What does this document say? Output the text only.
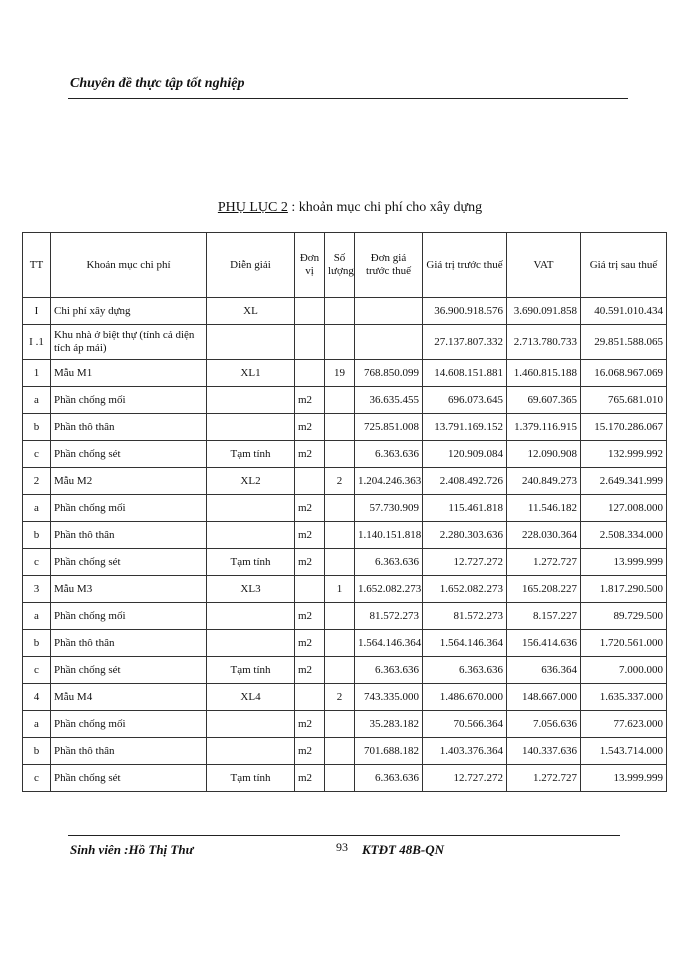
Chuyên đề thực tập tốt nghiệp
PHỤ LỤC 2 : khoản mục chi phí cho xây dựng
TT	Khoản mục chi phí	Diễn giải	Đơn vị	Số lượng	Đơn giá trước thuế	Giá trị trước thuế	VAT	Giá trị sau thuế
I	Chi phí xây dựng	XL				36.900.918.576	3.690.091.858	40.591.010.434
I .1	Khu nhà ở biệt thự (tính cả diện tích áp mái)					27.137.807.332	2.713.780.733	29.851.588.065
1	Mẫu M1	XL1		19	768.850.099	14.608.151.881	1.460.815.188	16.068.967.069
a	Phần chống mối		m2		36.635.455	696.073.645	69.607.365	765.681.010
b	Phần thô thân		m2		725.851.008	13.791.169.152	1.379.116.915	15.170.286.067
c	Phần chống sét	Tạm tính	m2		6.363.636	120.909.084	12.090.908	132.999.992
2	Mẫu M2	XL2		2	1.204.246.363	2.408.492.726	240.849.273	2.649.341.999
a	Phần chống mối		m2		57.730.909	115.461.818	11.546.182	127.008.000
b	Phần thô thân		m2		1.140.151.818	2.280.303.636	228.030.364	2.508.334.000
c	Phần chống sét	Tạm tính	m2		6.363.636	12.727.272	1.272.727	13.999.999
3	Mẫu M3	XL3		1	1.652.082.273	1.652.082.273	165.208.227	1.817.290.500
a	Phần chống mối		m2		81.572.273	81.572.273	8.157.227	89.729.500
b	Phần thô thân		m2		1.564.146.364	1.564.146.364	156.414.636	1.720.561.000
c	Phần chống sét	Tạm tính	m2		6.363.636	6.363.636	636.364	7.000.000
4	Mẫu M4	XL4		2	743.335.000	1.486.670.000	148.667.000	1.635.337.000
a	Phần chống mối		m2		35.283.182	70.566.364	7.056.636	77.623.000
b	Phần thô thân		m2		701.688.182	1.403.376.364	140.337.636	1.543.714.000
c	Phần chống sét	Tạm tính	m2		6.363.636	12.727.272	1.272.727	13.999.999
Sinh viên :Hồ Thị Thư	93 KTĐT 48B-QN
